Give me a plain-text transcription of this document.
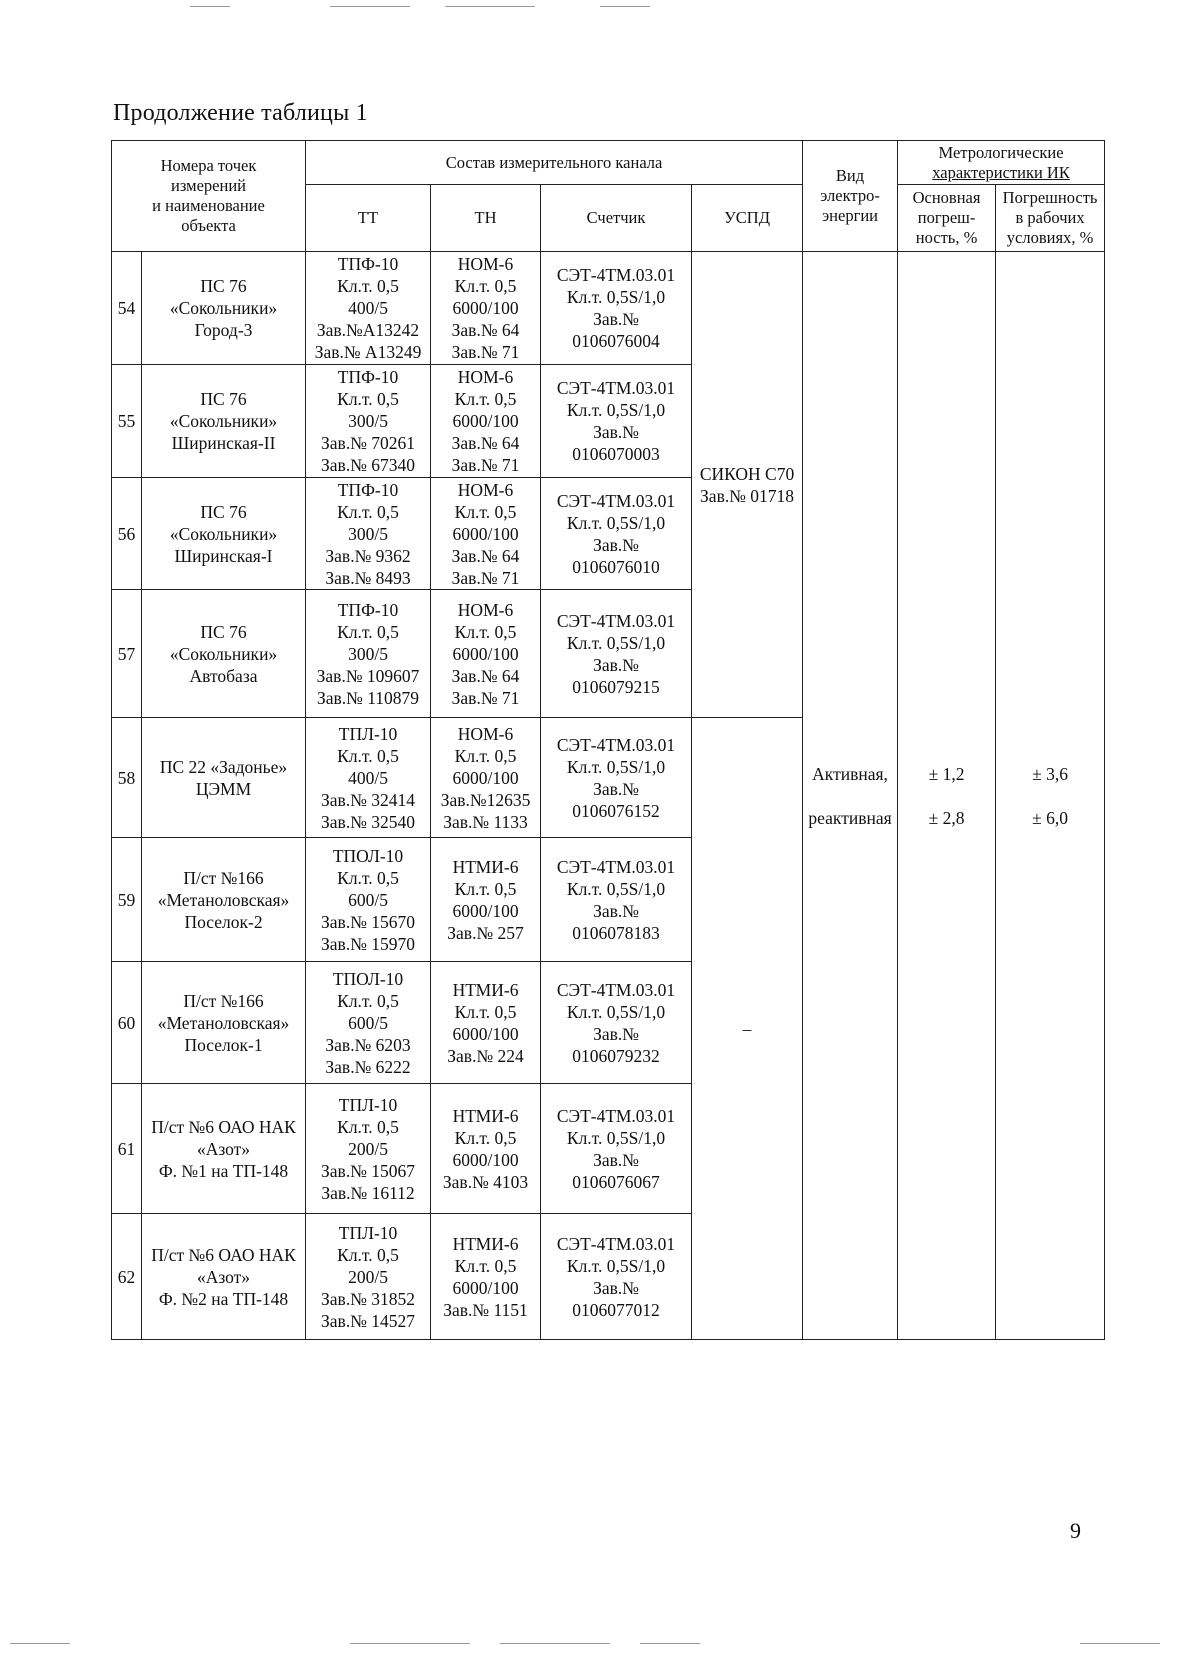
Продолжение таблицы 1
Номера точек
измерений
и наименование
объекта		Состав измерительного канала				Вид
электро-
энергии	Метрологические
характеристики ИК	

		ТТ	ТН	Счетчик	УСПД		Основная
погреш-
ность, %	Погрешность
в рабочих
условиях, %

54	ПС 76
«Сокольники»
Город-3	ТПФ-10
Кл.т. 0,5
400/5
Зав.№А13242
Зав.№ А13249	НОМ-6
Кл.т. 0,5
6000/100
Зав.№ 64
Зав.№ 71	СЭТ-4ТМ.03.01
Кл.т. 0,5S/1,0
Зав.№
0106076004	СИКОН С70
Зав.№ 01718	Активная,
реактивная	± 1,2
± 2,8	± 3,6
± 6,0

55	ПС 76
«Сокольники»
Ширинская-II	ТПФ-10
Кл.т. 0,5
300/5
Зав.№ 70261
Зав.№ 67340	НОМ-6
Кл.т. 0,5
6000/100
Зав.№ 64
Зав.№ 71	СЭТ-4ТМ.03.01
Кл.т. 0,5S/1,0
Зав.№
0106070003				

56	ПС 76
«Сокольники»
Ширинская-I	ТПФ-10
Кл.т. 0,5
300/5
Зав.№ 9362
Зав.№ 8493	НОМ-6
Кл.т. 0,5
6000/100
Зав.№ 64
Зав.№ 71	СЭТ-4ТМ.03.01
Кл.т. 0,5S/1,0
Зав.№
0106076010				

57	ПС 76
«Сокольники»
Автобаза	ТПФ-10
Кл.т. 0,5
300/5
Зав.№ 109607
Зав.№ 110879	НОМ-6
Кл.т. 0,5
6000/100
Зав.№ 64
Зав.№ 71	СЭТ-4ТМ.03.01
Кл.т. 0,5S/1,0
Зав.№
0106079215				

58	ПС 22 «Задонье»
ЦЭММ	ТПЛ-10
Кл.т. 0,5
400/5
Зав.№ 32414
Зав.№ 32540	НОМ-6
Кл.т. 0,5
6000/100
Зав.№12635
Зав.№ 1133	СЭТ-4ТМ.03.01
Кл.т. 0,5S/1,0
Зав.№
0106076152	–			
59	П/ст №166
«Метаноловская»
Поселок-2	ТПОЛ-10
Кл.т. 0,5
600/5
Зав.№ 15670
Зав.№ 15970	НТМИ-6
Кл.т. 0,5
6000/100
Зав.№ 257	СЭТ-4ТМ.03.01
Кл.т. 0,5S/1,0
Зав.№
0106078183				

60	П/ст №166
«Метаноловская»
Поселок-1	ТПОЛ-10
Кл.т. 0,5
600/5
Зав.№ 6203
Зав.№ 6222	НТМИ-6
Кл.т. 0,5
6000/100
Зав.№ 224	СЭТ-4ТМ.03.01
Кл.т. 0,5S/1,0
Зав.№
0106079232				

61	П/ст №6 ОАО НАК
«Азот»
Ф. №1 на ТП-148	ТПЛ-10
Кл.т. 0,5
200/5
Зав.№ 15067
Зав.№ 16112	НТМИ-6
Кл.т. 0,5
6000/100
Зав.№ 4103	СЭТ-4ТМ.03.01
Кл.т. 0,5S/1,0
Зав.№
0106076067				

62	П/ст №6 ОАО НАК
«Азот»
Ф. №2 на ТП-148	ТПЛ-10
Кл.т. 0,5
200/5
Зав.№ 31852
Зав.№ 14527	НТМИ-6
Кл.т. 0,5
6000/100
Зав.№ 1151	СЭТ-4ТМ.03.01
Кл.т. 0,5S/1,0
Зав.№
0106077012				
9
